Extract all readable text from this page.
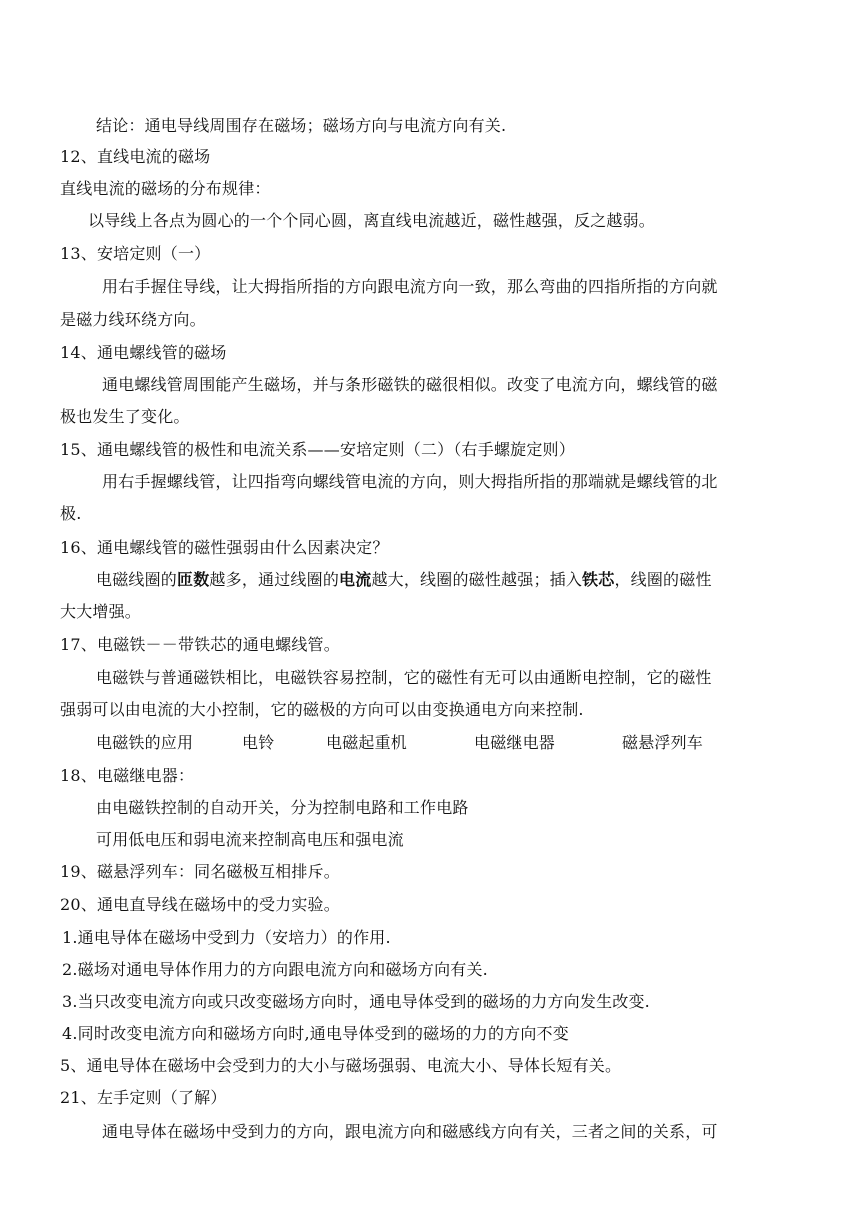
结论：通电导线周围存在磁场；磁场方向与电流方向有关.
12、直线电流的磁场
直线电流的磁场的分布规律：
以导线上各点为圆心的一个个同心圆，离直线电流越近，磁性越强，反之越弱。
13、安培定则（一）
用右手握住导线，让大拇指所指的方向跟电流方向一致，那么弯曲的四指所指的方向就
是磁力线环绕方向。
14、通电螺线管的磁场
通电螺线管周围能产生磁场，并与条形磁铁的磁很相似。改变了电流方向，螺线管的磁
极也发生了变化。
15、通电螺线管的极性和电流关系——安培定则（二）（右手螺旋定则）
用右手握螺线管，让四指弯向螺线管电流的方向，则大拇指所指的那端就是螺线管的北
极.
16、通电螺线管的磁性强弱由什么因素决定？
电磁线圈的匝数越多，通过线圈的电流越大，线圈的磁性越强；插入铁芯，线圈的磁性
大大增强。
17、电磁铁－－带铁芯的通电螺线管。
电磁铁与普通磁铁相比，电磁铁容易控制，它的磁性有无可以由通断电控制，它的磁性
强弱可以由电流的大小控制，它的磁极的方向可以由变换通电方向来控制.
电磁铁的应用	电铃	电磁起重机	电磁继电器	磁悬浮列车
18、电磁继电器：
由电磁铁控制的自动开关，分为控制电路和工作电路
可用低电压和弱电流来控制高电压和强电流
19、磁悬浮列车：同名磁极互相排斥。
20、通电直导线在磁场中的受力实验。
1.通电导体在磁场中受到力（安培力）的作用.
2.磁场对通电导体作用力的方向跟电流方向和磁场方向有关.
3.当只改变电流方向或只改变磁场方向时，通电导体受到的磁场的力方向发生改变.
4.同时改变电流方向和磁场方向时,通电导体受到的磁场的力的方向不变
5、通电导体在磁场中会受到力的大小与磁场强弱、电流大小、导体长短有关。
21、左手定则（了解）
通电导体在磁场中受到力的方向，跟电流方向和磁感线方向有关，三者之间的关系，可
